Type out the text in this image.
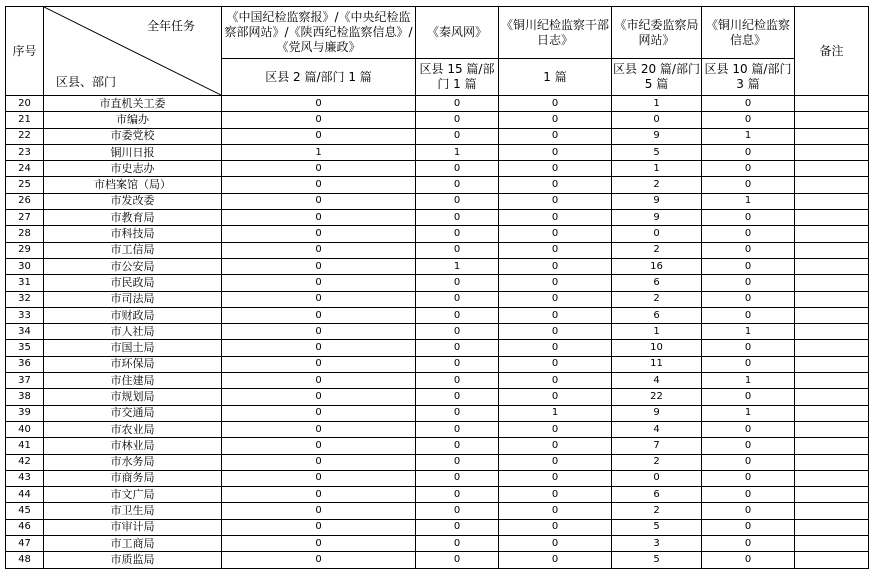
序号	全年任务
区县、部门	《中国纪检监察报》/《中央纪检监察部网站》/《陕西纪检监察信息》/《党风与廉政》	《秦风网》	《铜川纪检监察干部日志》	《市纪委监察局网站》	《铜川纪检监察信息》	备注
		区县 2 篇/部门 1 篇	区县 15 篇/部门 1 篇	1 篇	区县 20 篇/部门 5 篇	区县 10 篇/部门 3 篇	
20	市直机关工委	0	0	0	1	0	
21	市编办	0	0	0	0	0	
22	市委党校	0	0	0	9	1	
23	铜川日报	1	1	0	5	0	
24	市史志办	0	0	0	1	0	
25	市档案馆（局）	0	0	0	2	0	
26	市发改委	0	0	0	9	1	
27	市教育局	0	0	0	9	0	
28	市科技局	0	0	0	0	0	
29	市工信局	0	0	0	2	0	
30	市公安局	0	1	0	16	0	
31	市民政局	0	0	0	6	0	
32	市司法局	0	0	0	2	0	
33	市财政局	0	0	0	6	0	
34	市人社局	0	0	0	1	1	
35	市国土局	0	0	0	10	0	
36	市环保局	0	0	0	11	0	
37	市住建局	0	0	0	4	1	
38	市规划局	0	0	0	22	0	
39	市交通局	0	0	1	9	1	
40	市农业局	0	0	0	4	0	
41	市林业局	0	0	0	7	0	
42	市水务局	0	0	0	2	0	
43	市商务局	0	0	0	0	0	
44	市文广局	0	0	0	6	0	
45	市卫生局	0	0	0	2	0	
46	市审计局	0	0	0	5	0	
47	市工商局	0	0	0	3	0	
48	市质监局	0	0	0	5	0	
